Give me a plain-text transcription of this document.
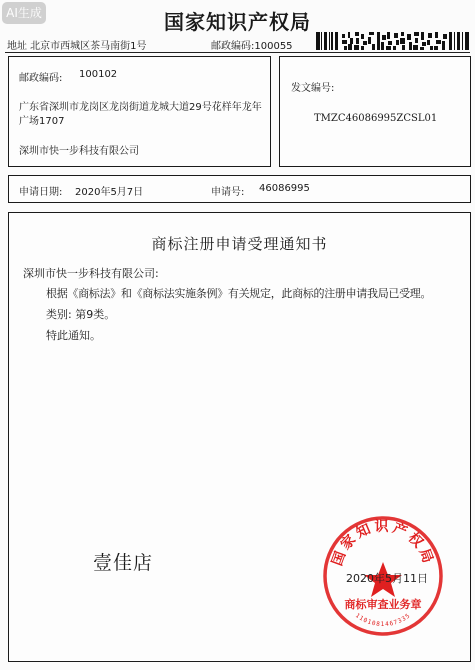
AI生成	国家知识产权局
地址 北京市西城区茶马南街1号	邮政编码:100055
邮政编码: 100102
广东省深圳市龙岗区龙岗街道龙城大道29号花样年龙年
广场1707
深圳市快一步科技有限公司
发文编号:
TMZC46086995ZCSL01
申请日期: 2020年5月7日	申请号: 46086995
商标注册申请受理通知书
深圳市快一步科技有限公司:
根据《商标法》和《商标法实施条例》有关规定，此商标的注册申请我局已受理。
类别: 第9类。
特此通知。
壹佳店	国家知识产权局
商标审查业务章
1101081467335
2020年5月11日
